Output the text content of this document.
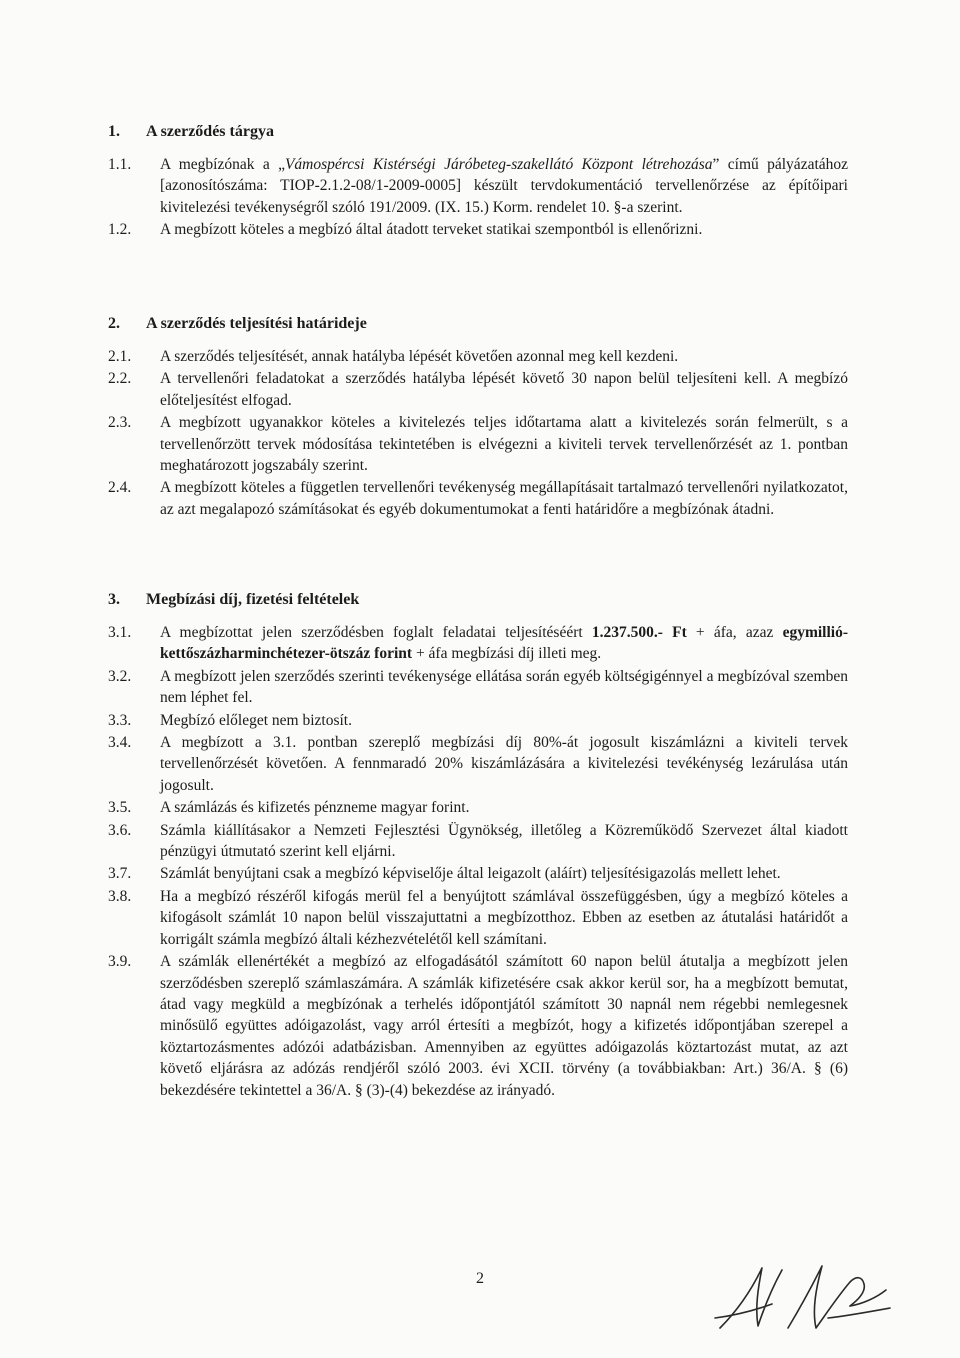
1.	A szerződés tárgya
1.1.	A megbízónak a „Vámospércsi Kistérségi Járóbeteg-szakellátó Központ létrehozása” című pályázatához [azonosítószáma: TIOP-2.1.2-08/1-2009-0005] készült tervdokumentáció tervellenőrzése az építőipari kivitelezési tevékenységről szóló 191/2009. (IX. 15.) Korm. rendelet 10. §-a szerint.
1.2.	A megbízott köteles a megbízó által átadott terveket statikai szempontból is ellenőrizni.
2.	A szerződés teljesítési határideje
2.1.	A szerződés teljesítését, annak hatályba lépését követően azonnal meg kell kezdeni.
2.2.	A tervellenőri feladatokat a szerződés hatályba lépését követő 30 napon belül teljesíteni kell. A megbízó előteljesítést elfogad.
2.3.	A megbízott ugyanakkor köteles a kivitelezés teljes időtartama alatt a kivitelezés során felmerült, s a tervellenőrzött tervek módosítása tekintetében is elvégezni a kiviteli tervek tervellenőrzését az 1. pontban meghatározott jogszabály szerint.
2.4.	A megbízott köteles a független tervellenőri tevékenység megállapításait tartalmazó tervellenőri nyilatkozatot, az azt megalapozó számításokat és egyéb dokumentumokat a fenti határidőre a megbízónak átadni.
3.	Megbízási díj, fizetési feltételek
3.1.	A megbízottat jelen szerződésben foglalt feladatai teljesítéséért 1.237.500.- Ft + áfa, azaz egymillió-kettőszázharminchétezer-ötszáz forint + áfa megbízási díj illeti meg.
3.2.	A megbízott jelen szerződés szerinti tevékenysége ellátása során egyéb költségigénnyel a megbízóval szemben nem léphet fel.
3.3.	Megbízó előleget nem biztosít.
3.4.	A megbízott a 3.1. pontban szereplő megbízási díj 80%-át jogosult kiszámlázni a kiviteli tervek tervellenőrzését követően. A fennmaradó 20% kiszámlázására a kivitelezési tevékénység lezárulása után jogosult.
3.5.	A számlázás és kifizetés pénzneme magyar forint.
3.6.	Számla kiállításakor a Nemzeti Fejlesztési Ügynökség, illetőleg a Közreműködő Szervezet által kiadott pénzügyi útmutató szerint kell eljárni.
3.7.	Számlát benyújtani csak a megbízó képviselője által leigazolt (aláírt) teljesítésigazolás mellett lehet.
3.8.	Ha a megbízó részéről kifogás merül fel a benyújtott számlával összefüggésben, úgy a megbízó köteles a kifogásolt számlát 10 napon belül visszajuttatni a megbízotthoz. Ebben az esetben az átutalási határidőt a korrigált számla megbízó általi kézhezvételétől kell számítani.
3.9.	A számlák ellenértékét a megbízó az elfogadásától számított 60 napon belül átutalja a megbízott jelen szerződésben szereplő számlaszámára. A számlák kifizetésére csak akkor kerül sor, ha a megbízott bemutat, átad vagy megküld a megbízónak a terhelés időpontjától számított 30 napnál nem régebbi nemlegesnek minősülő együttes adóigazolást, vagy arról értesíti a megbízót, hogy a kifizetés időpontjában szerepel a köztartozásmentes adózói adatbázisban. Amennyiben az együttes adóigazolás köztartozást mutat, az azt követő eljárásra az adózás rendjéről szóló 2003. évi XCII. törvény (a továbbiakban: Art.) 36/A. § (6) bekezdésére tekintettel a 36/A. § (3)-(4) bekezdése az irányadó.
2
